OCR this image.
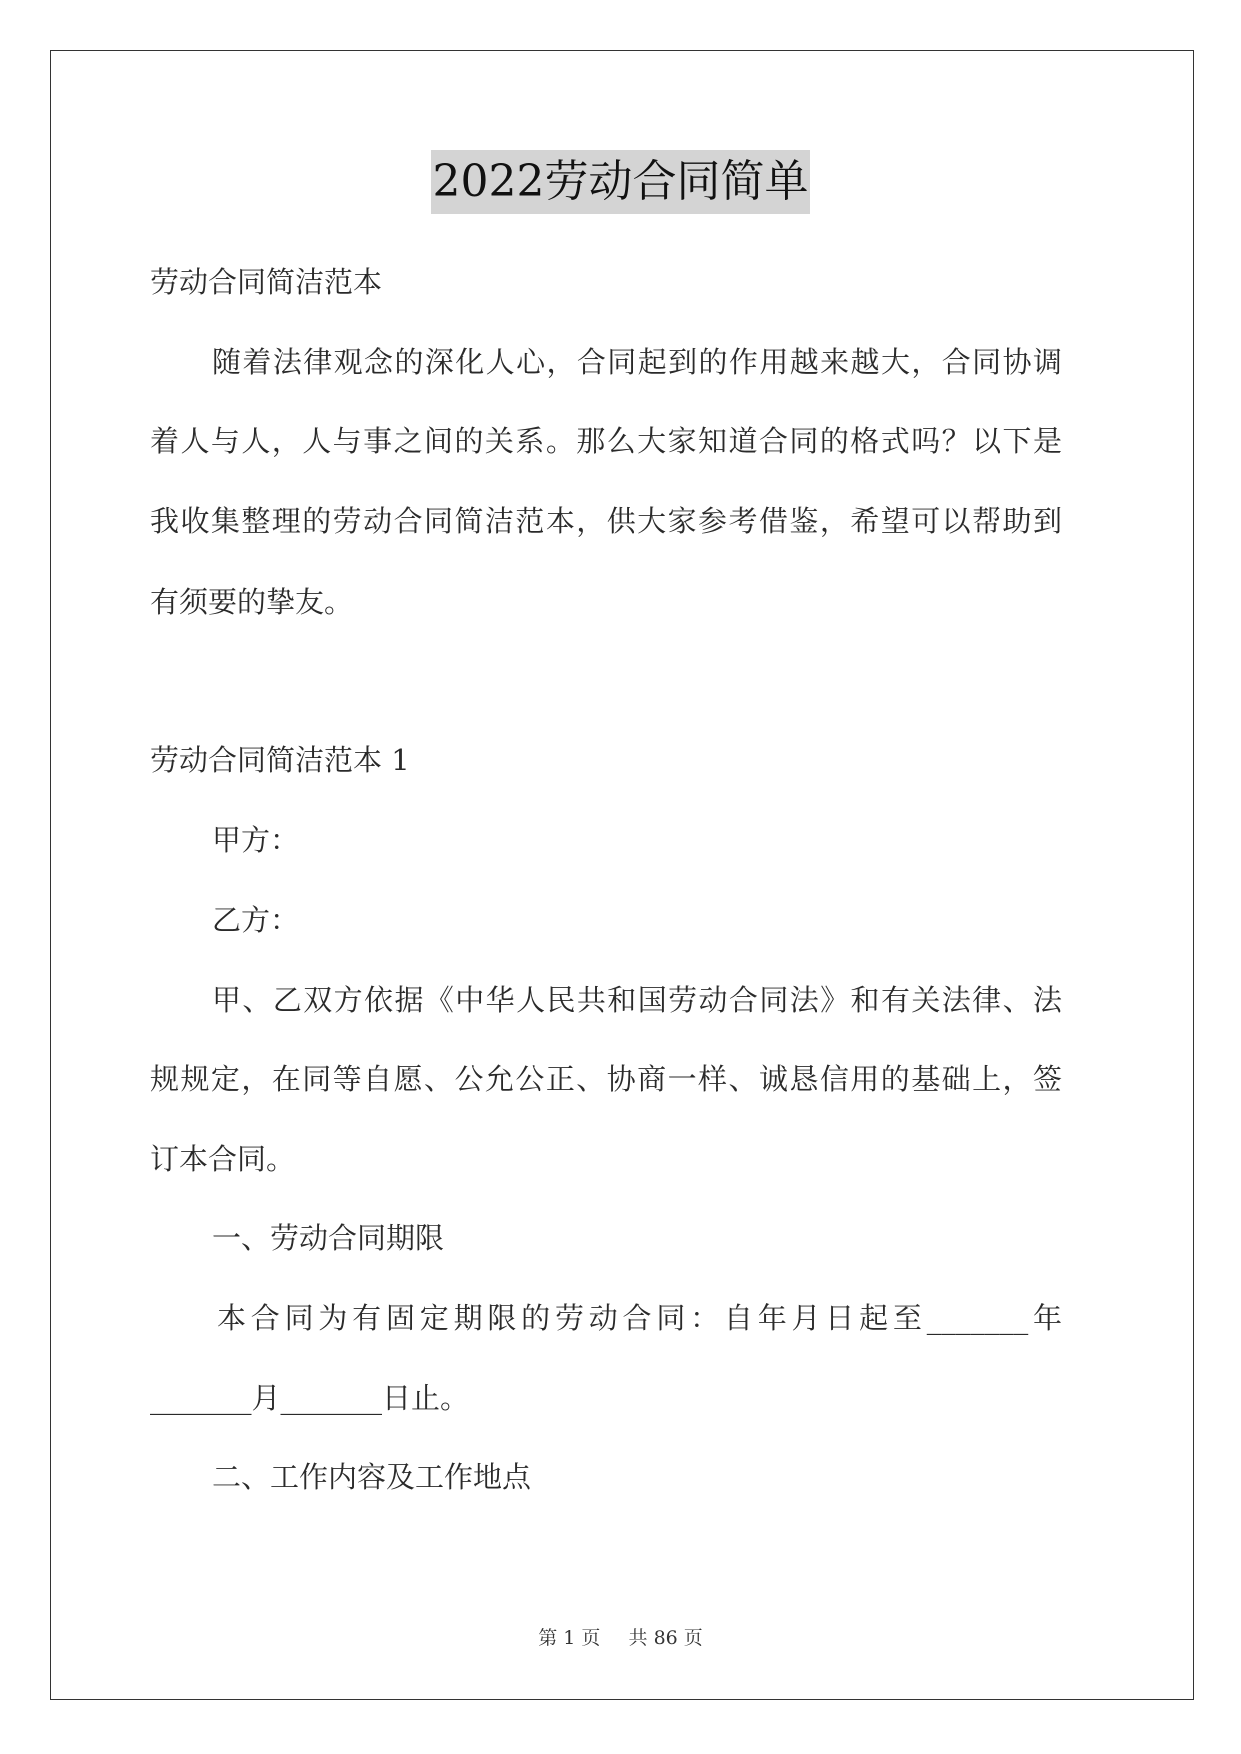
2022劳动合同简单
劳动合同简洁范本
随着法律观念的深化人心，合同起到的作用越来越大，合同协调
着人与人，人与事之间的关系。那么大家知道合同的格式吗？以下是
我收集整理的劳动合同简洁范本，供大家参考借鉴，希望可以帮助到
有须要的挚友。
劳动合同简洁范本 1
甲方：
乙方：
甲、乙双方依据《中华人民共和国劳动合同法》和有关法律、法
规规定，在同等自愿、公允公正、协商一样、诚恳信用的基础上，签
订本合同。
一、劳动合同期限
本合同为有固定期限的劳动合同：自年月日起至_______年
_______月_______日止。
二、工作内容及工作地点
第 1 页 共 86 页
